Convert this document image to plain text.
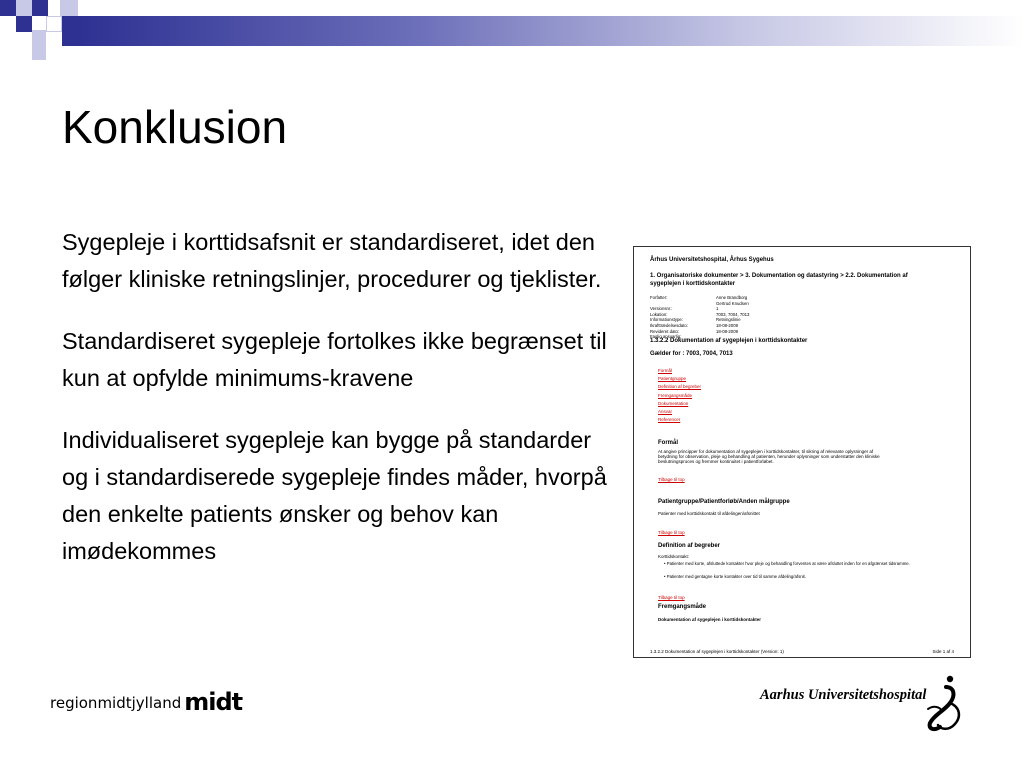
Konklusion

Sygepleje i korttidsafsnit er standardiseret, idet den følger kliniske retningslinjer, procedurer og tjeklister.

Standardiseret sygepleje fortolkes ikke begrænset til kun at opfylde minimums-kravene

Individualiseret sygepleje kan bygge på standarder og i standardiserede sygepleje findes måder, hvorpå den enkelte patients ønsker og behov kan imødekommes

Århus Universitetshospital, Århus Sygehus
1. Organisatoriske dokumenter > 3. Dokumentation og datastyring > 2.2. Dokumentation af
sygeplejen i korttidskontakter
Forfatter:	Anne Brandborg
Gertrud Knudsen
Versionsnr.:	1
Lokation:	7003, 7004, 7013
Informationstype:	Retningslinie
Ikrafttrædelsesdato:	18-08-2009
Revideret dato:	18-08-2009
Faglig ansvarlig:
1.3.2.2 Dokumentation af sygeplejen i korttidskontakter
Gælder for : 7003, 7004, 7013
Formål
Patientgruppe
Definition af begreber
Fremgangsmåde
Dokumentation
Ansvar
Referencer
Formål
At angive principper for dokumentation af sygeplejen i korttidskontakter, til sikring af relevante oplysninger af
betydning for observation, pleje og behandling af patienten, herunder oplysninger som understøtter den kliniske
beslutningsproces og fremmer kontinuitet i patientforløbet.
Tilbage til top
Patientgruppe/Patientforløb/Anden målgruppe
Patienter med korttidskontakt til afdelingen/afsnittet
Tilbage til top
Definition af begreber
Korttidskontakt:
• Patienter med korte, afsluttede kontakter hvor pleje og behandling forventes at være afsluttet inden for en afgrænset tidsramme.
• Patienter med gentagne korte kontakter over tid til samme afdeling/afsnit.
Tilbage til top
Fremgangsmåde
Dokumentation af sygeplejen i korttidskontakter
1.3.2.2 Dokumentation af sygeplejen i korttidskontakter (Version: 1)	Side 1 af 4
regionmidtjylland midt	Aarhus Universitetshospital
